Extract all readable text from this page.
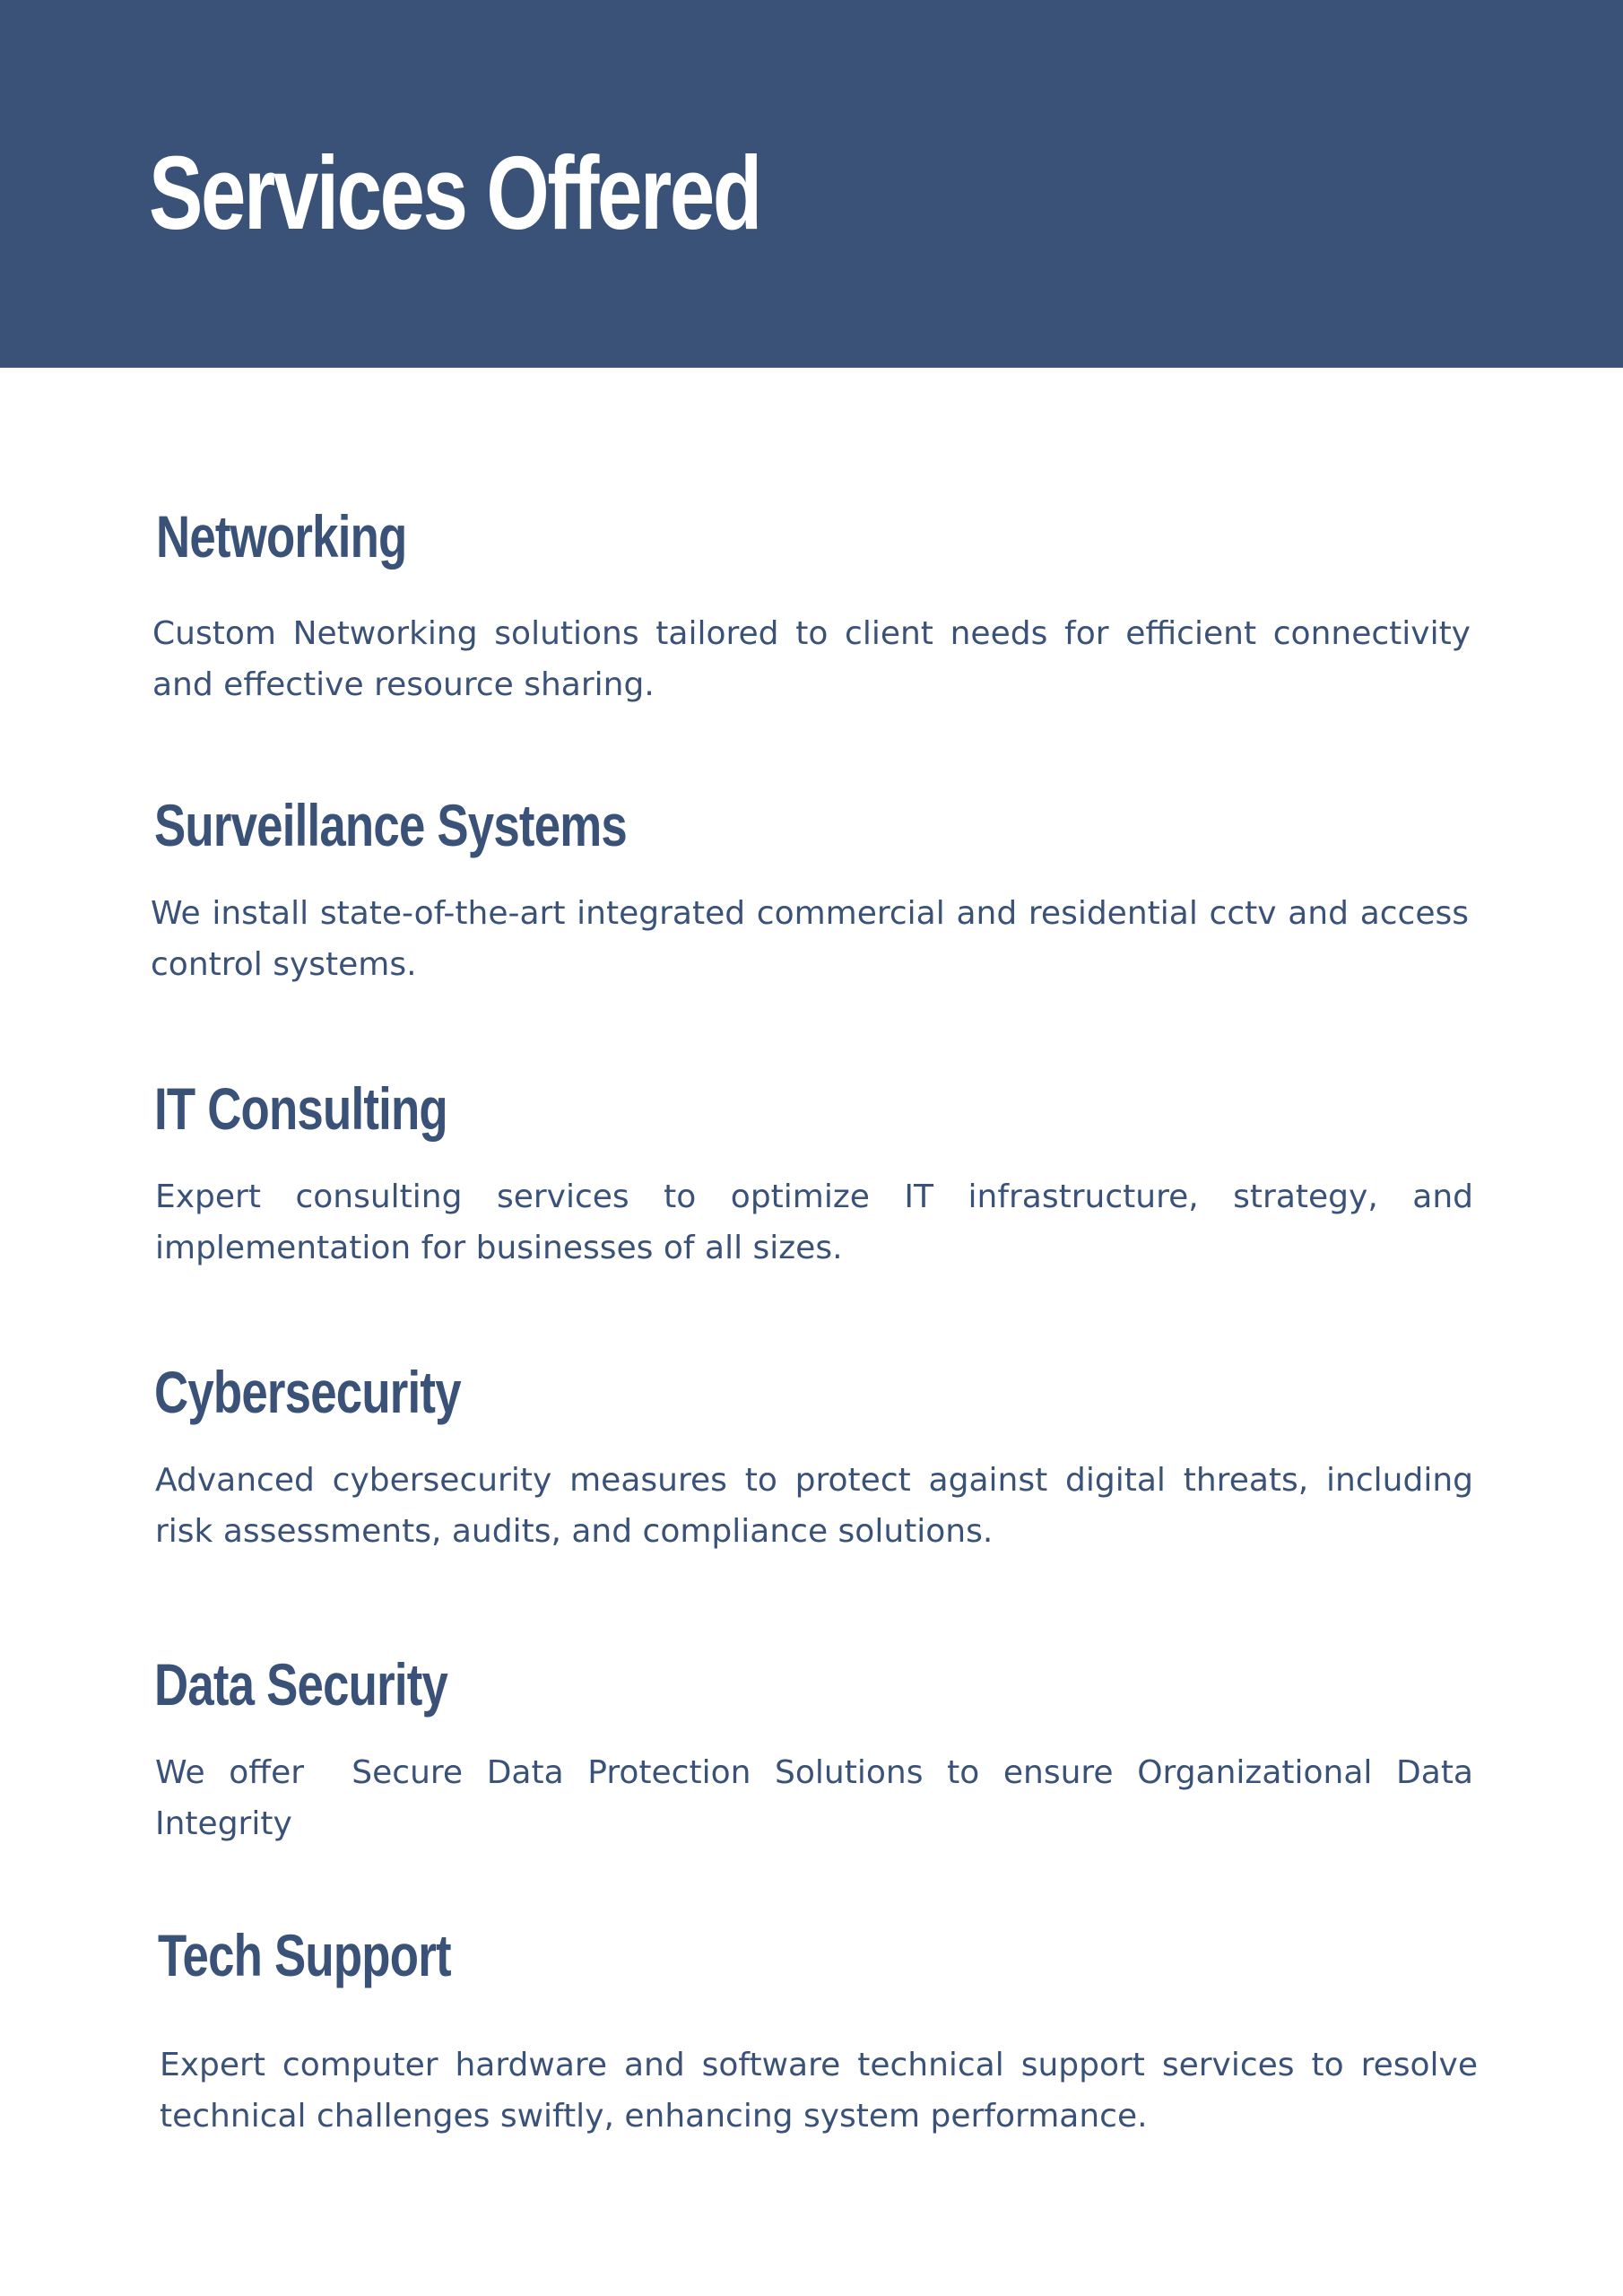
Services Offered
Networking

Custom Networking solutions tailored to client needs for efficient connectivity and effective resource sharing.

Surveillance Systems

We install state-of-the-art integrated commercial and residential cctv and access control systems.

IT Consulting

Expert consulting services to optimize IT infrastructure, strategy, and implementation for businesses of all sizes.

Cybersecurity

Advanced cybersecurity measures to protect against digital threats, including risk assessments, audits, and compliance solutions.

Data Security

We offer  Secure Data Protection Solutions to ensure Organizational Data Integrity

Tech Support

Expert computer hardware and software technical support services to resolve technical challenges swiftly, enhancing system performance.
